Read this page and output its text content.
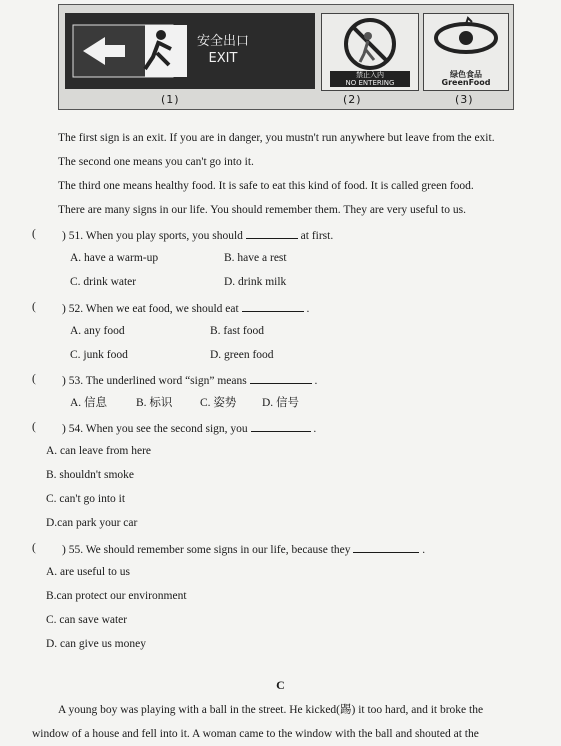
安全出口
EXIT
禁止入内
NO ENTERING
绿色食品
GreenFood
(1)	(2)	(3)
The first sign is an exit. If you are in danger, you mustn't run anywhere but leave from the exit.
The second one means you can't go into it.
The third one means healthy food. It is safe to eat this kind of food. It is called green food.
There are many signs in our life. You should remember them. They are very useful to us.
( ) 51. When you play sports, you should	at first.
A. have a warm-up	B. have a rest
C. drink water	D. drink milk
( ) 52. When we eat food, we should eat	.
A. any food	B. fast food
C. junk food	D. green food
( ) 53. The underlined word “sign” means	.
A. 信息	B. 标识 C. 姿势 D. 信号
( ) 54. When you see the second sign, you	.
A. can leave from here
B. shouldn't smoke
C. can't go into it
D.can park your car
( ) 55. We should remember some signs in our life, because they	.
A. are useful to us
B.can protect our environment
C. can save water
D. can give us money
C
A young boy was playing with a ball in the street. He kicked(踢) it too hard, and it broke the
window of a house and fell into it. A woman came to the window with the ball and shouted at the
